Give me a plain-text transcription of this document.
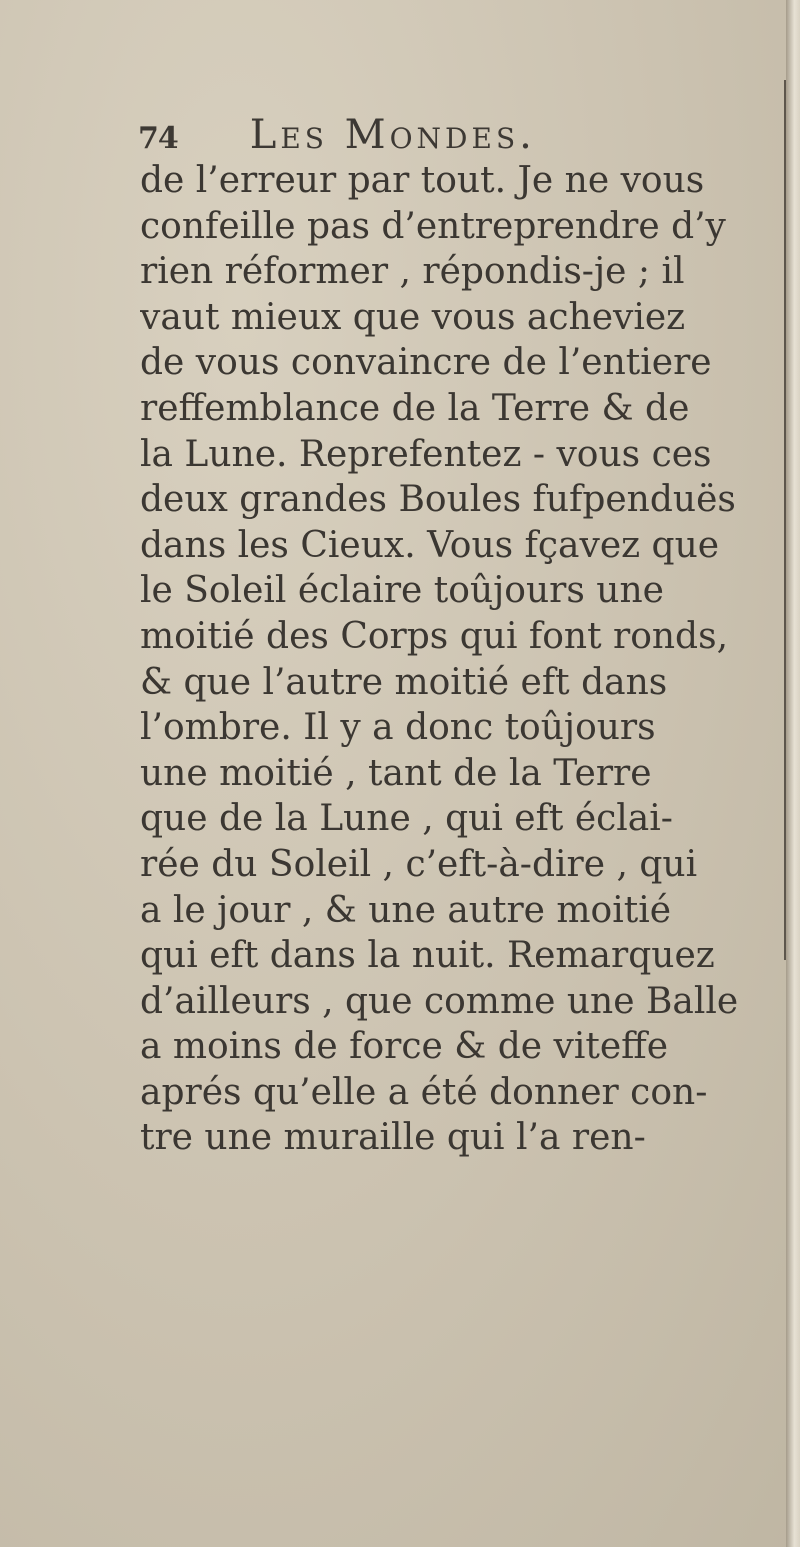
74 Les Mondes.
de l’erreur par tout. Je ne vous
confeille pas d’entreprendre d’y
rien réformer , répondis-je ; il
vaut mieux que vous acheviez
de vous convaincre de l’entiere
reffemblance de la Terre & de
la Lune. Reprefentez - vous ces
deux grandes Boules fufpenduës
dans les Cieux. Vous fçavez que
le Soleil éclaire toûjours une
moitié des Corps qui font ronds,
& que l’autre moitié eft dans
l’ombre. Il y a donc toûjours
une moitié , tant de la Terre
que de la Lune , qui eft éclai-
rée du Soleil , c’eft-à-dire , qui
a le jour , & une autre moitié
qui eft dans la nuit. Remarquez
d’ailleurs , que comme une Balle
a moins de force & de viteffe
aprés qu’elle a été donner con-
tre une muraille qui l’a ren-
